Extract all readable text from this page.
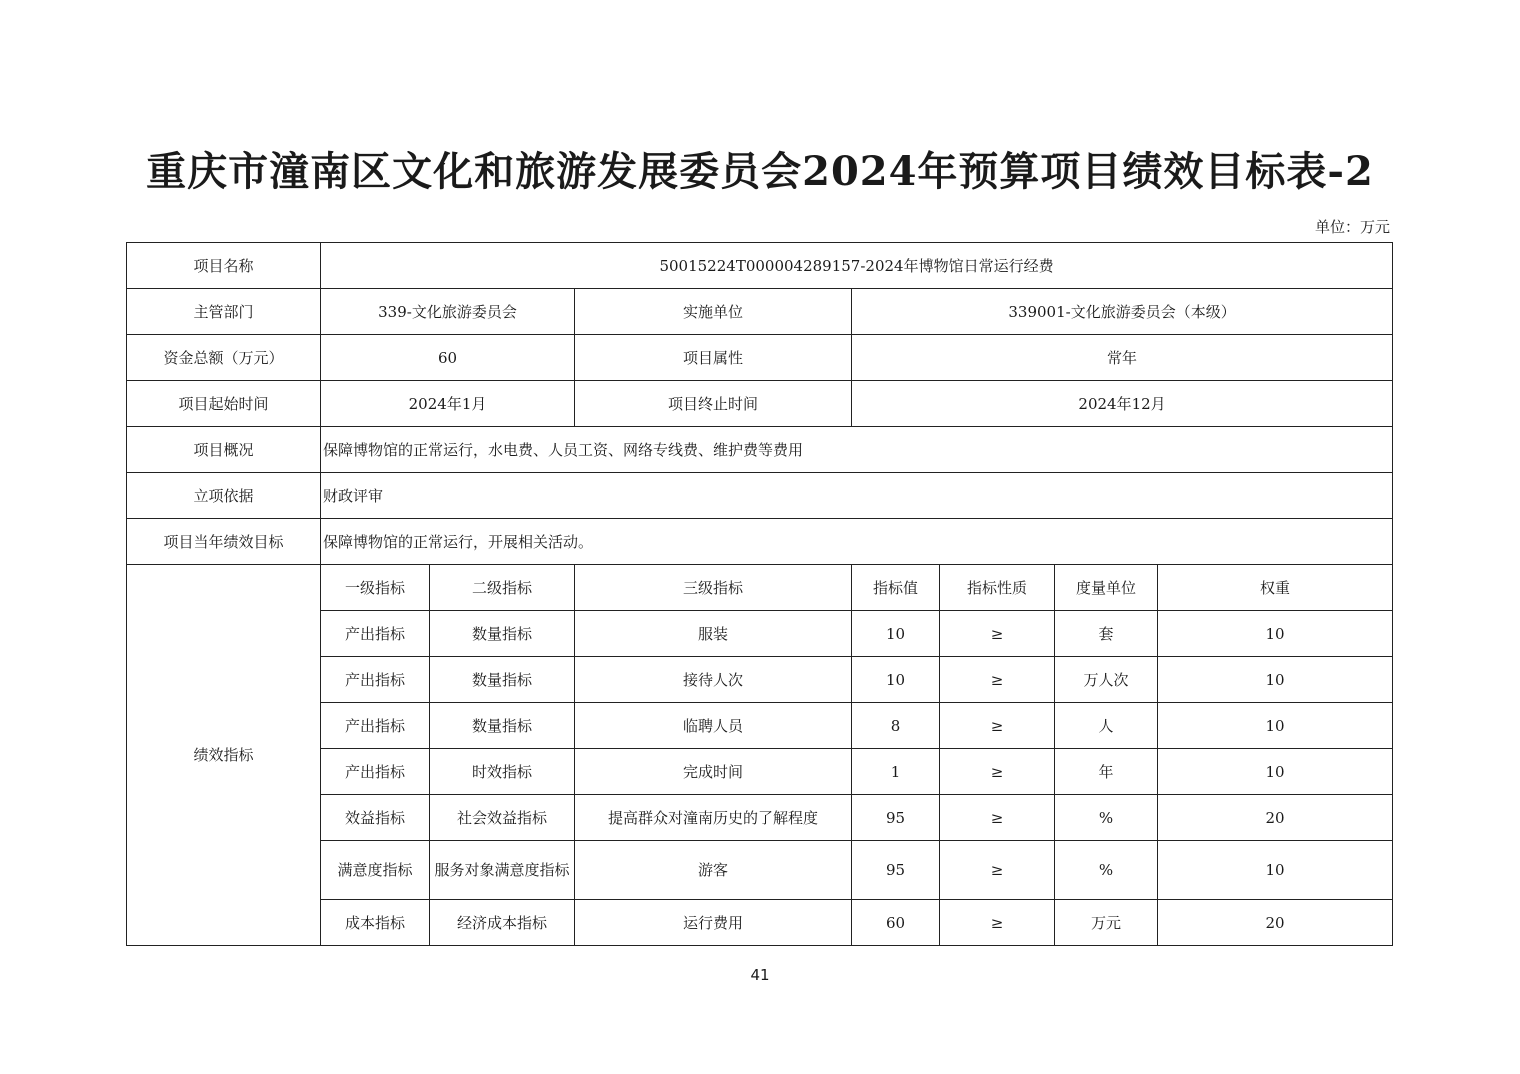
重庆市潼南区文化和旅游发展委员会2024年预算项目绩效目标表-2
单位：万元
项目名称	50015224T000004289157-2024年博物馆日常运行经费						
主管部门	339-文化旅游委员会		实施单位	339001-文化旅游委员会（本级）			
资金总额（万元）	60		项目属性	常年			
项目起始时间	2024年1月		项目终止时间	2024年12月			
项目概况	保障博物馆的正常运行，水电费、人员工资、网络专线费、维护费等费用						
立项依据	财政评审						
项目当年绩效目标	保障博物馆的正常运行，开展相关活动。						
绩效指标	一级指标	二级指标	三级指标	指标值	指标性质	度量单位	权重
	产出指标	数量指标	服装	10	≥	套	10
	产出指标	数量指标	接待人次	10	≥	万人次	10
	产出指标	数量指标	临聘人员	8	≥	人	10
	产出指标	时效指标	完成时间	1	≥	年	10
	效益指标	社会效益指标	提高群众对潼南历史的了解程度	95	≥	%	20
	满意度指标	服务对象满意度指标	游客	95	≥	%	10
	成本指标	经济成本指标	运行费用	60	≥	万元	20
41
